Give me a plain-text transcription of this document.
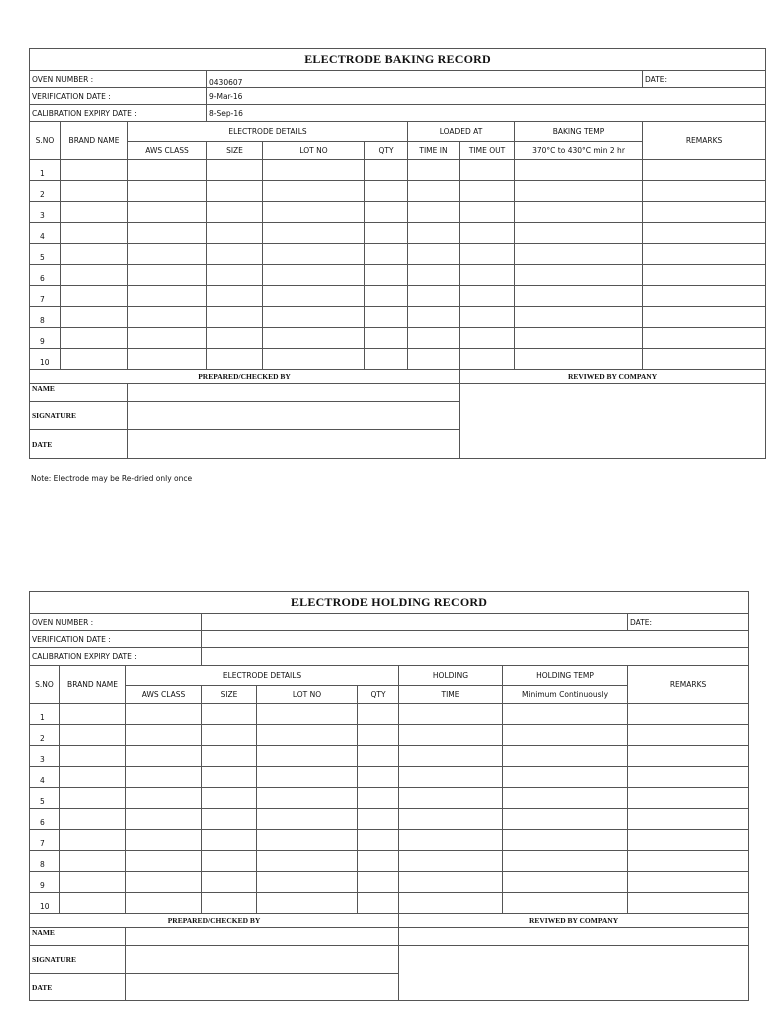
ELECTRODE BAKING RECORD									
OVEN NUMBER :			0430607						DATE:
VERIFICATION DATE :			9-Mar-16						
CALIBRATION EXPIRY DATE :			8-Sep-16						
S.NO	BRAND NAME	ELECTRODE DETAILS				LOADED AT		BAKING TEMP	REMARKS
		AWS CLASS	SIZE	LOT NO	QTY	TIME IN	TIME OUT	370°C to 430°C min 2 hr	
1									
2									
3									
4									
5									
6									
7									
8									
9									
10									
PREPARED/CHECKED BY							REVIWED BY COMPANY		
NAME									
SIGNATURE									
DATE									
Note: Electrode may be Re-dried only once
ELECTRODE HOLDING RECORD								
OVEN NUMBER :								DATE:
VERIFICATION DATE :								
CALIBRATION EXPIRY DATE :								
S.NO	BRAND NAME	ELECTRODE DETAILS				HOLDING	HOLDING TEMP	REMARKS
		AWS CLASS	SIZE	LOT NO	QTY	TIME	Minimum Continuously	
1								
2								
3								
4								
5								
6								
7								
8								
9								
10								
PREPARED/CHECKED BY						REVIWED BY COMPANY		
NAME								
SIGNATURE								
DATE								
